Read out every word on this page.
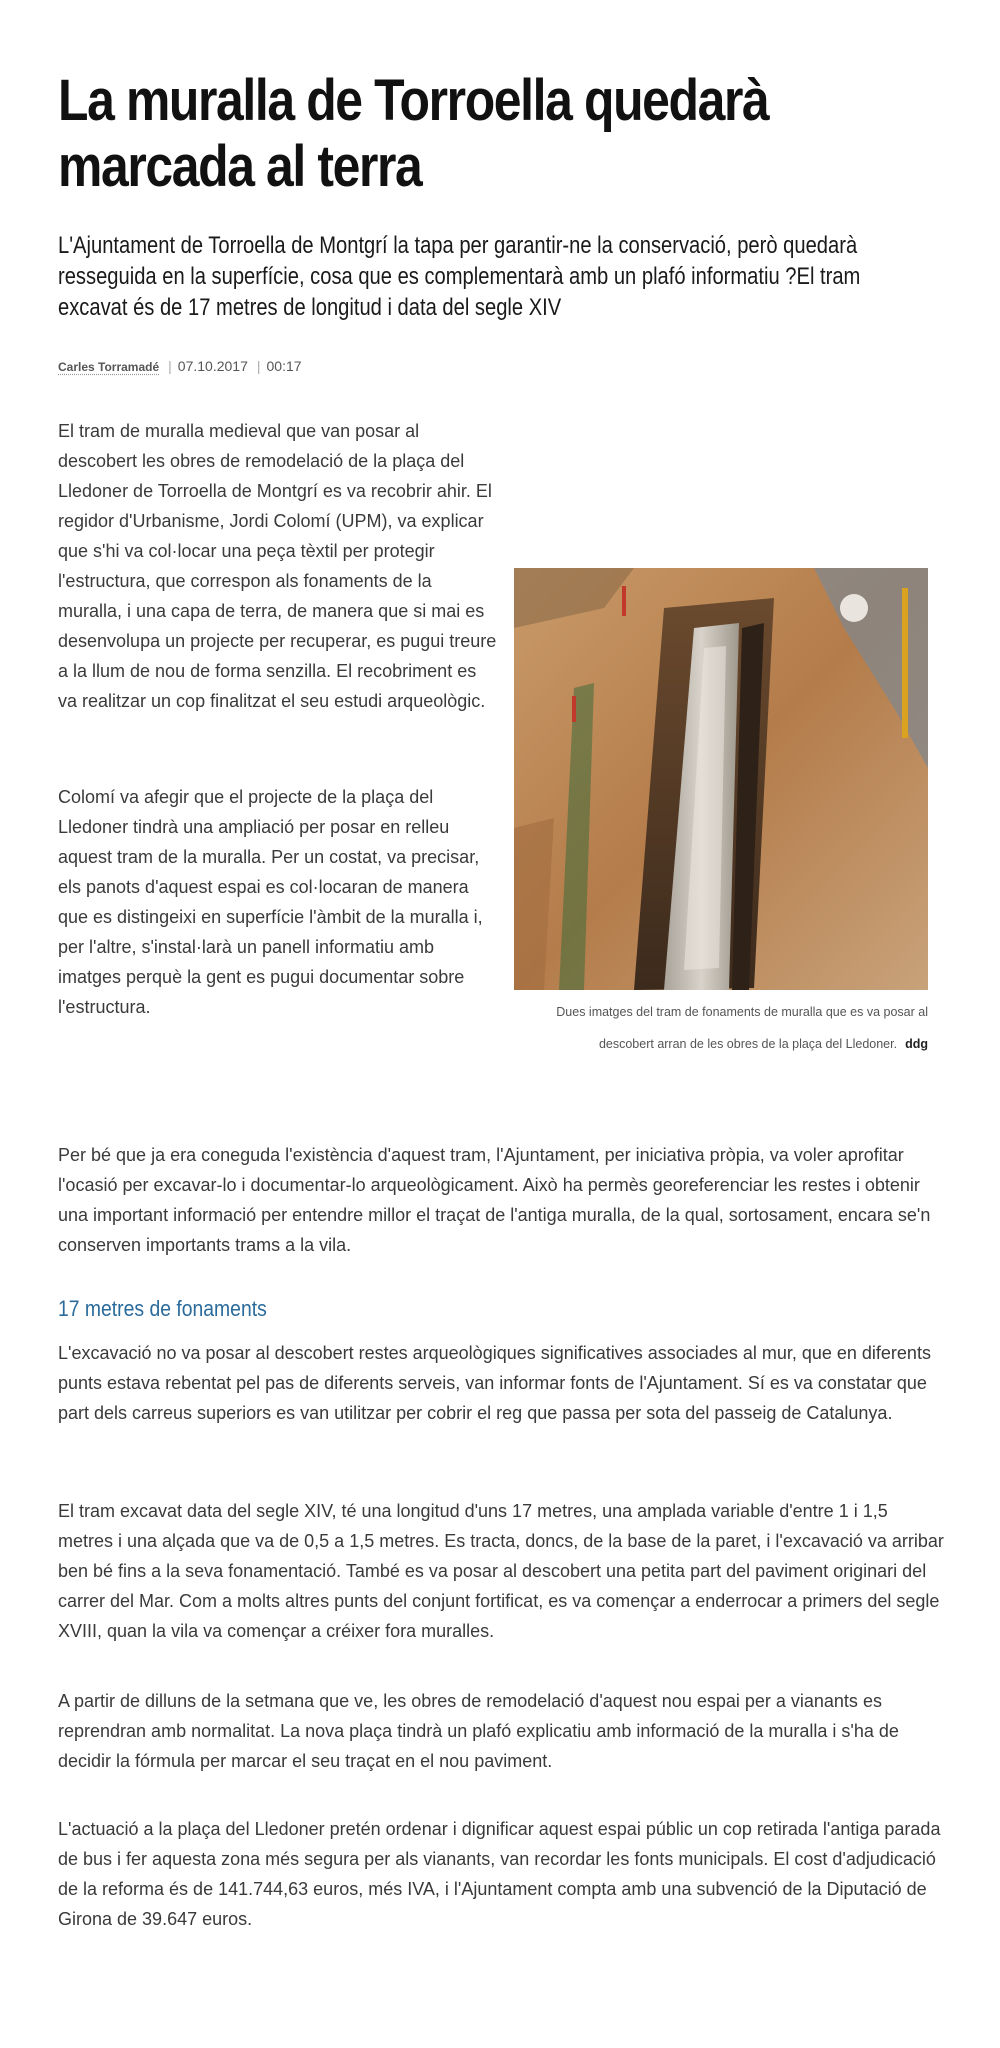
La muralla de Torroella quedarà marcada al terra

L'Ajuntament de Torroella de Montgrí la tapa per garantir-ne la conservació, però quedarà resseguida en la superfície, cosa que es complementarà amb un plafó informatiu ?El tram excavat és de 17 metres de longitud i data del segle XIV

Carles Torramadé | 07.10.2017 | 00:17

El tram de muralla medieval que van posar al descobert les obres de remodelació de la plaça del Lledoner de Torroella de Montgrí es va recobrir ahir. El regidor d'Urbanisme, Jordi Colomí (UPM), va explicar que s'hi va col·locar una peça tèxtil per protegir l'estructura, que correspon als fonaments de la muralla, i una capa de terra, de manera que si mai es desenvolupa un projecte per recuperar, es pugui treure a la llum de nou de forma senzilla. El recobriment es va realitzar un cop finalitzat el seu estudi arqueològic.

Colomí va afegir que el projecte de la plaça del Lledoner tindrà una ampliació per posar en relleu aquest tram de la muralla. Per un costat, va precisar, els panots d'aquest espai es col·locaran de manera que es distingeixi en superfície l'àmbit de la muralla i, per l'altre, s'instal·larà un panell informatiu amb imatges perquè la gent es pugui documentar sobre l'estructura.	Dues imatges del tram de fonaments de muralla que es va posar al descobert arran de les obres de la plaça del Lledoner. ddg

Per bé que ja era coneguda l'existència d'aquest tram, l'Ajuntament, per iniciativa pròpia, va voler aprofitar l'ocasió per excavar-lo i documentar-lo arqueològicament. Això ha permès georeferenciar les restes i obtenir una important informació per entendre millor el traçat de l'antiga muralla, de la qual, sortosament, encara se'n conserven importants trams a la vila.

17 metres de fonaments

L'excavació no va posar al descobert restes arqueològiques significatives associades al mur, que en diferents punts estava rebentat pel pas de diferents serveis, van informar fonts de l'Ajuntament. Sí es va constatar que part dels carreus superiors es van utilitzar per cobrir el reg que passa per sota del passeig de Catalunya.

El tram excavat data del segle XIV, té una longitud d'uns 17 metres, una amplada variable d'entre 1 i 1,5 metres i una alçada que va de 0,5 a 1,5 metres. Es tracta, doncs, de la base de la paret, i l'excavació va arribar ben bé fins a la seva fonamentació. També es va posar al descobert una petita part del paviment originari del carrer del Mar. Com a molts altres punts del conjunt fortificat, es va començar a enderrocar a primers del segle XVIII, quan la vila va començar a créixer fora muralles.

A partir de dilluns de la setmana que ve, les obres de remodelació d'aquest nou espai per a vianants es reprendran amb normalitat. La nova plaça tindrà un plafó explicatiu amb informació de la muralla i s'ha de decidir la fórmula per marcar el seu traçat en el nou paviment.

L'actuació a la plaça del Lledoner pretén ordenar i dignificar aquest espai públic un cop retirada l'antiga parada de bus i fer aquesta zona més segura per als vianants, van recordar les fonts municipals. El cost d'adjudicació de la reforma és de 141.744,63 euros, més IVA, i l'Ajuntament compta amb una subvenció de la Diputació de Girona de 39.647 euros.
